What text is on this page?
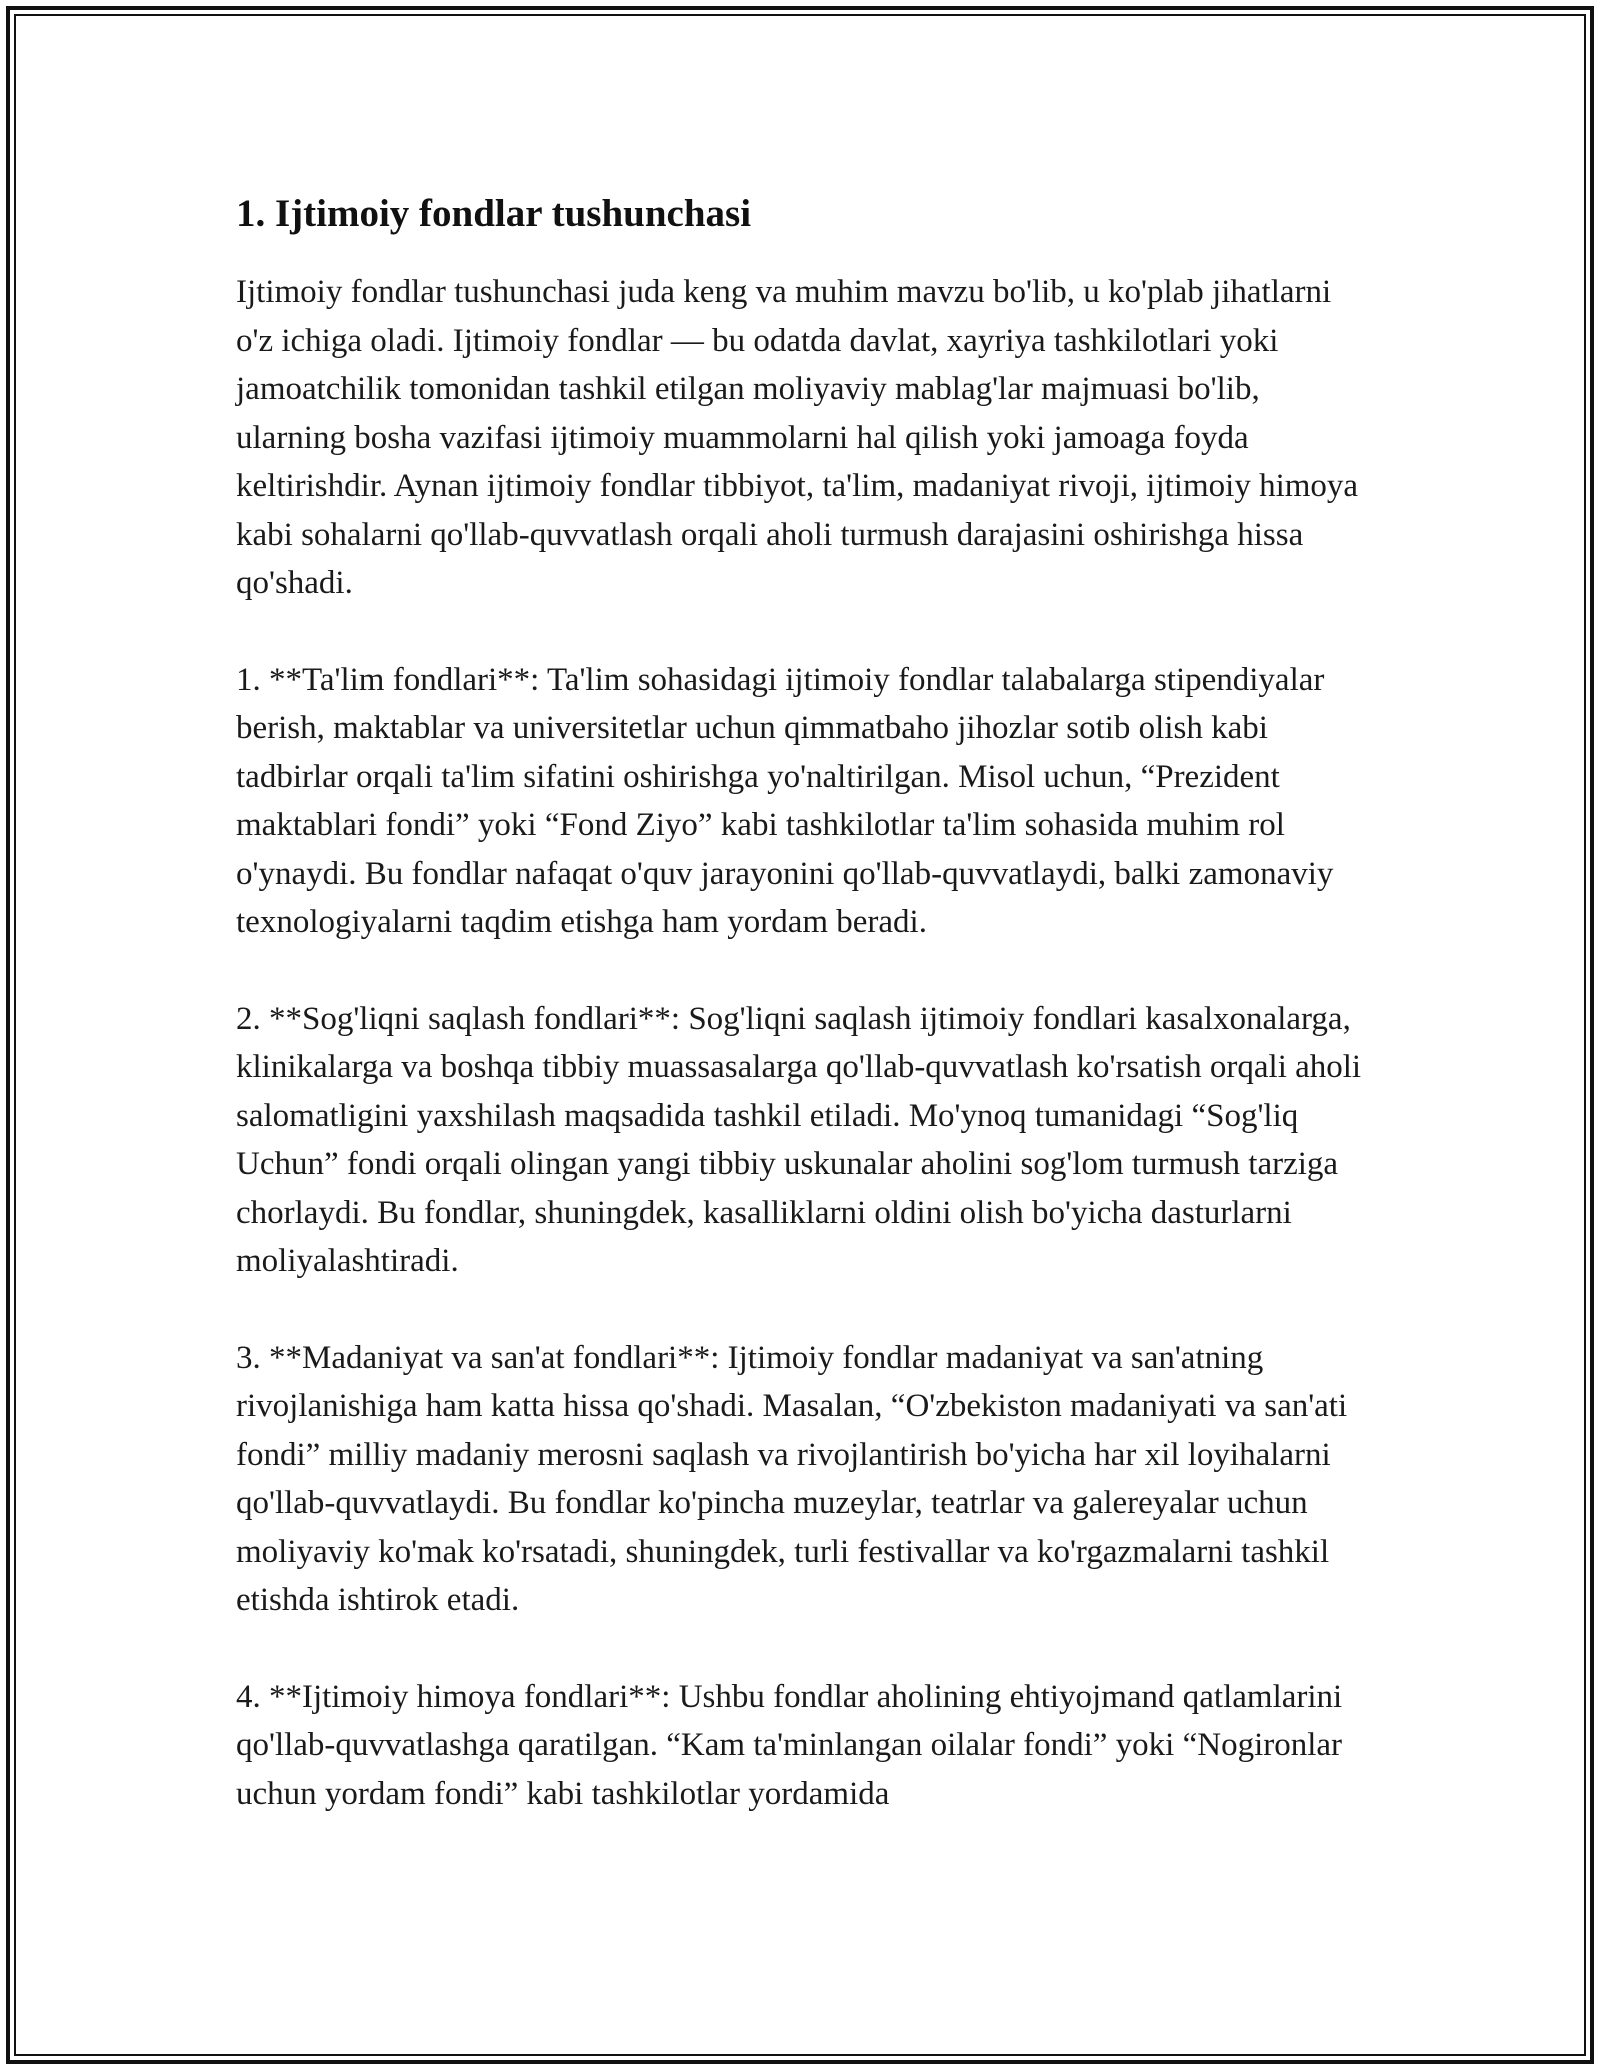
1. Ijtimoiy fondlar tushunchasi

Ijtimoiy fondlar tushunchasi juda keng va muhim mavzu bo'lib, u ko'plab jihatlarni o'z ichiga oladi. Ijtimoiy fondlar — bu odatda davlat, xayriya tashkilotlari yoki jamoatchilik tomonidan tashkil etilgan moliyaviy mablag'lar majmuasi bo'lib, ularning bosha vazifasi ijtimoiy muammolarni hal qilish yoki jamoaga foyda keltirishdir. Aynan ijtimoiy fondlar tibbiyot, ta'lim, madaniyat rivoji, ijtimoiy himoya kabi sohalarni qo'llab-quvvatlash orqali aholi turmush darajasini oshirishga hissa qo'shadi.

1. **Ta'lim fondlari**: Ta'lim sohasidagi ijtimoiy fondlar talabalarga stipendiyalar berish, maktablar va universitetlar uchun qimmatbaho jihozlar sotib olish kabi tadbirlar orqali ta'lim sifatini oshirishga yo'naltirilgan. Misol uchun, “Prezident maktablari fondi” yoki “Fond Ziyo” kabi tashkilotlar ta'lim sohasida muhim rol o'ynaydi. Bu fondlar nafaqat o'quv jarayonini qo'llab-quvvatlaydi, balki zamonaviy texnologiyalarni taqdim etishga ham yordam beradi.

2. **Sog'liqni saqlash fondlari**: Sog'liqni saqlash ijtimoiy fondlari kasalxonalarga, klinikalarga va boshqa tibbiy muassasalarga qo'llab-quvvatlash ko'rsatish orqali aholi salomatligini yaxshilash maqsadida tashkil etiladi. Mo'ynoq tumanidagi “Sog'liq Uchun” fondi orqali olingan yangi tibbiy uskunalar aholini sog'lom turmush tarziga chorlaydi. Bu fondlar, shuningdek, kasalliklarni oldini olish bo'yicha dasturlarni moliyalashtiradi.

3. **Madaniyat va san'at fondlari**: Ijtimoiy fondlar madaniyat va san'atning rivojlanishiga ham katta hissa qo'shadi. Masalan, “O'zbekiston madaniyati va san'ati fondi” milliy madaniy merosni saqlash va rivojlantirish bo'yicha har xil loyihalarni qo'llab-quvvatlaydi. Bu fondlar ko'pincha muzeylar, teatrlar va galereyalar uchun moliyaviy ko'mak ko'rsatadi, shuningdek, turli festivallar va ko'rgazmalarni tashkil etishda ishtirok etadi.

4. **Ijtimoiy himoya fondlari**: Ushbu fondlar aholining ehtiyojmand qatlamlarini qo'llab-quvvatlashga qaratilgan. “Kam ta'minlangan oilalar fondi” yoki “Nogironlar uchun yordam fondi” kabi tashkilotlar yordamida
